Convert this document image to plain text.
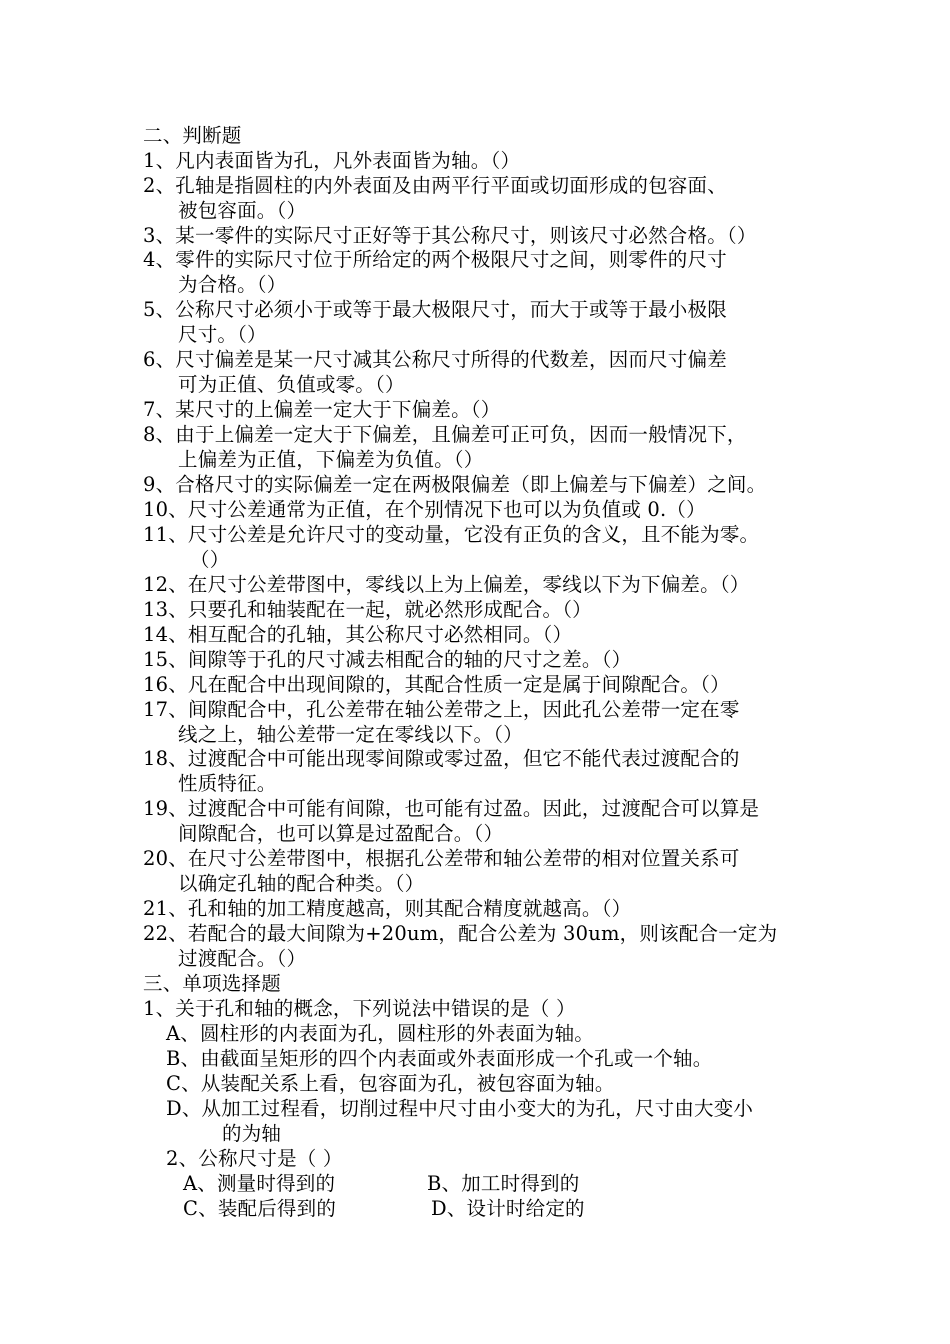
二、判断题
1、凡内表面皆为孔，凡外表面皆为轴。（）
2、孔轴是指圆柱的内外表面及由两平行平面或切面形成的包容面、
被包容面。（）
3、某一零件的实际尺寸正好等于其公称尺寸，则该尺寸必然合格。（）
4、零件的实际尺寸位于所给定的两个极限尺寸之间，则零件的尺寸
为合格。（）
5、公称尺寸必须小于或等于最大极限尺寸，而大于或等于最小极限
尺寸。（）
6、尺寸偏差是某一尺寸减其公称尺寸所得的代数差，因而尺寸偏差
可为正值、负值或零。（）
7、某尺寸的上偏差一定大于下偏差。（）
8、由于上偏差一定大于下偏差，且偏差可正可负，因而一般情况下，
上偏差为正值，下偏差为负值。（）
9、合格尺寸的实际偏差一定在两极限偏差（即上偏差与下偏差）之间。
10、尺寸公差通常为正值，在个别情况下也可以为负值或 0.（）
11、尺寸公差是允许尺寸的变动量，它没有正负的含义，且不能为零。
（）
12、在尺寸公差带图中，零线以上为上偏差，零线以下为下偏差。（）
13、只要孔和轴装配在一起，就必然形成配合。（）
14、相互配合的孔轴，其公称尺寸必然相同。（）
15、间隙等于孔的尺寸减去相配合的轴的尺寸之差。（）
16、凡在配合中出现间隙的，其配合性质一定是属于间隙配合。（）
17、间隙配合中，孔公差带在轴公差带之上，因此孔公差带一定在零
线之上，轴公差带一定在零线以下。（）
18、过渡配合中可能出现零间隙或零过盈，但它不能代表过渡配合的
性质特征。
19、过渡配合中可能有间隙，也可能有过盈。因此，过渡配合可以算是
间隙配合，也可以算是过盈配合。（）
20、在尺寸公差带图中，根据孔公差带和轴公差带的相对位置关系可
以确定孔轴的配合种类。（）
21、孔和轴的加工精度越高，则其配合精度就越高。（）
22、若配合的最大间隙为+20um，配合公差为 30um，则该配合一定为
过渡配合。（）
三、单项选择题
1、关于孔和轴的概念，下列说法中错误的是（ ）
A、圆柱形的内表面为孔，圆柱形的外表面为轴。
B、由截面呈矩形的四个内表面或外表面形成一个孔或一个轴。
C、从装配关系上看，包容面为孔，被包容面为轴。
D、从加工过程看，切削过程中尺寸由小变大的为孔，尺寸由大变小
的为轴
2、公称尺寸是（ ）
A、测量时得到的	B、加工时得到的
C、装配后得到的	D、设计时给定的
